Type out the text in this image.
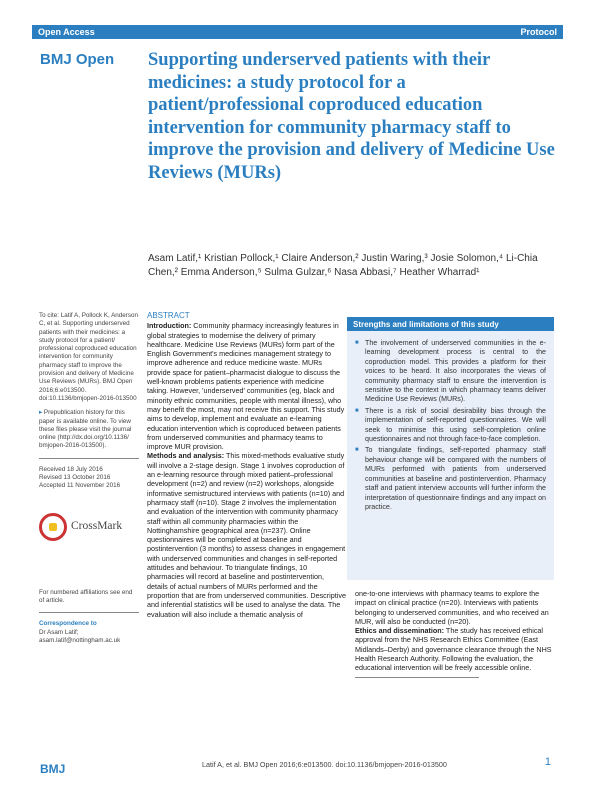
Open Access	Protocol
BMJ Open Supporting underserved patients with their medicines: a study protocol for a patient/professional coproduced education intervention for community pharmacy staff to improve the provision and delivery of Medicine Use Reviews (MURs)
Asam Latif,¹ Kristian Pollock,¹ Claire Anderson,² Justin Waring,³ Josie Solomon,⁴ Li-Chia Chen,² Emma Anderson,⁵ Sulma Gulzar,⁶ Nasa Abbasi,⁷ Heather Wharrad¹

To cite: Latif A, Pollock K, Anderson C, et al. Supporting underserved patients with their medicines: a study protocol for a patient/ professional coproduced education intervention for community pharmacy staff to improve the provision and delivery of Medicine Use Reviews (MURs). BMJ Open 2016;6:e013500. doi:10.1136/bmjopen-2016-013500

▸ Prepublication history for this paper is available online. To view these files please visit the journal online (http://dx.doi.org/10.1136/ bmjopen-2016-013500).

Received 18 July 2016
Revised 13 October 2016
Accepted 11 November 2016
CrossMark

For numbered affiliations see end of article.

Correspondence to
Dr Asam Latif;
asam.latif@nottingham.ac.uk
ABSTRACT

Introduction: Community pharmacy increasingly features in global strategies to modernise the delivery of primary healthcare. Medicine Use Reviews (MURs) form part of the English Government's medicines management strategy to improve adherence and reduce medicine waste. MURs provide space for patient–pharmacist dialogue to discuss the well-known problems patients experience with medicine taking. However, 'underserved' communities (eg, black and minority ethnic communities, people with mental illness), who may benefit the most, may not receive this support. This study aims to develop, implement and evaluate an e-learning education intervention which is coproduced between patients from underserved communities and pharmacy teams to improve MUR provision.

Methods and analysis: This mixed-methods evaluative study will involve a 2-stage design. Stage 1 involves coproduction of an e-learning resource through mixed patient–professional development (n=2) and review (n=2) workshops, alongside informative semistructured interviews with patients (n=10) and pharmacy staff (n=10). Stage 2 involves the implementation and evaluation of the intervention with community pharmacy staff within all community pharmacies within the Nottinghamshire geographical area (n=237). Online questionnaires will be completed at baseline and postintervention (3 months) to assess changes in engagement with underserved communities and changes in self-reported attitudes and behaviour. To triangulate findings, 10 pharmacies will record at baseline and postintervention, details of actual numbers of MURs performed and the proportion that are from underserved communities. Descriptive and inferential statistics will be used to analyse the data. The evaluation will also include a thematic analysis of

Strengths and limitations of this study
■ The involvement of underserved communities in the e-learning development process is central to the coproduction model. This provides a platform for their voices to be heard. It also incorporates the views of community pharmacy staff to ensure the intervention is sensitive to the context in which pharmacy teams deliver Medicine Use Reviews (MURs).
■ There is a risk of social desirability bias through the implementation of self-reported questionnaires. We will seek to minimise this using self-completion online questionnaires and not through face-to-face completion.
■ To triangulate findings, self-reported pharmacy staff behaviour change will be compared with the numbers of MURs performed with patients from underserved communities at baseline and postintervention. Pharmacy staff and patient interview accounts will further inform the interpretation of questionnaire findings and any impact on practice.

one-to-one interviews with pharmacy teams to explore the impact on clinical practice (n=20). Interviews with patients belonging to underserved communities, and who received an MUR, will also be conducted (n=20).

Ethics and dissemination: The study has received ethical approval from the NHS Research Ethics Committee (East Midlands–Derby) and governance clearance through the NHS Health Research Authority. Following the evaluation, the educational intervention will be freely accessible online.

BMJ	Latif A, et al. BMJ Open 2016;6:e013500. doi:10.1136/bmjopen-2016-013500	1
